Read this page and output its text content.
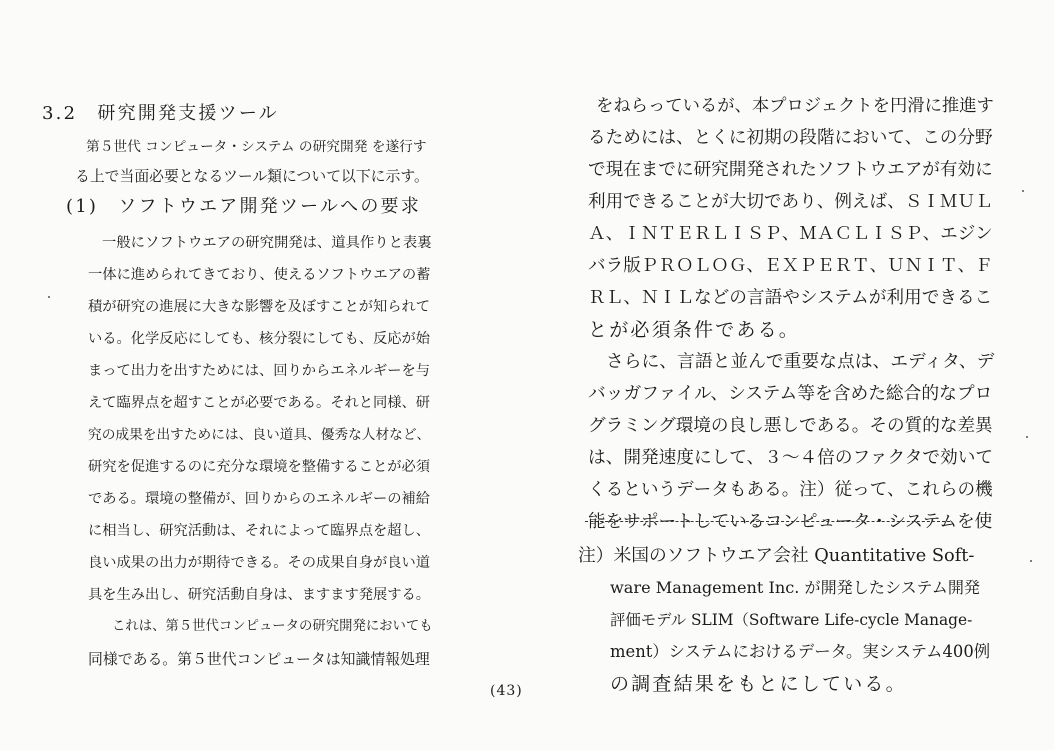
3.2　研究開発支援ツール
第５世代 コンピュータ・システム の研究開発 を遂行す
る上で当面必要となるツール類について以下に示す。
(1)　ソフトウエア開発ツールへの要求
一般にソフトウエアの研究開発は、道具作りと表裏
一体に進められてきており、使えるソフトウエアの蓄
積が研究の進展に大きな影響を及ぼすことが知られて
いる。化学反応にしても、核分裂にしても、反応が始
まって出力を出すためには、回りからエネルギーを与
えて臨界点を超すことが必要である。それと同様、研
究の成果を出すためには、良い道具、優秀な人材など、
研究を促進するのに充分な環境を整備することが必須
である。環境の整備が、回りからのエネルギーの補給
に相当し、研究活動は、それによって臨界点を超し、
良い成果の出力が期待できる。その成果自身が良い道
具を生み出し、研究活動自身は、ますます発展する。
これは、第５世代コンピュータの研究開発においても
同様である。第５世代コンピュータは知識情報処理
をねらっているが、本プロジェクトを円滑に推進す
るためには、とくに初期の段階において、この分野
で現在までに研究開発されたソフトウエアが有効に
利用できることが大切であり、例えば、ＳＩＭＵＬ
Ａ、ＩＮＴＥＲＬＩＳＰ、ＭＡＣＬＩＳＰ、エジン
バラ版ＰＲＯＬＯＧ、ＥＸＰＥＲＴ、ＵＮＩＴ、Ｆ
ＲＬ、ＮＩＬなどの言語やシステムが利用できるこ
とが必須条件である。
さらに、言語と並んで重要な点は、エディタ、デ
バッガファイル、システム等を含めた総合的なプロ
グラミング環境の良し悪しである。その質的な差異
は、開発速度にして、３～４倍のファクタで効いて
くるというデータもある。注）従って、これらの機
能をサポートしているコンピュータ・システムを使
注）米国のソフトウエア会社 Quantitative Soft-
ware Management Inc. が開発したシステム開発
評価モデル SLIM（Software Life-cycle Manage-
ment）システムにおけるデータ。実システム400例
の調査結果をもとにしている。
(43)
